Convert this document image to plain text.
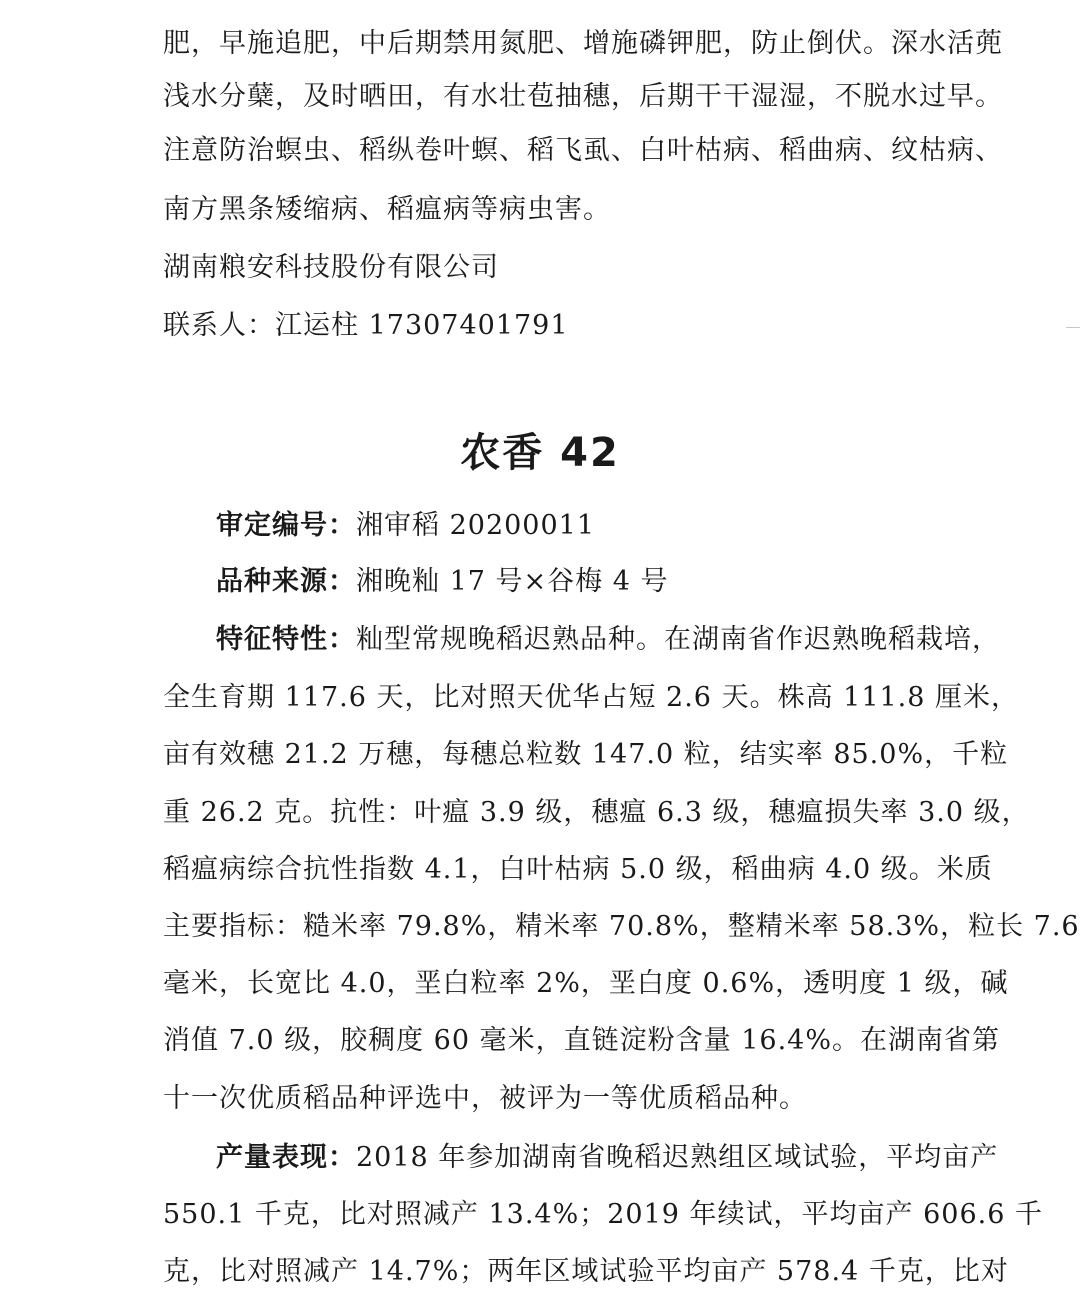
肥，早施追肥，中后期禁用氮肥、增施磷钾肥，防止倒伏。深水活蔸
浅水分蘖，及时晒田，有水壮苞抽穗，后期干干湿湿，不脱水过早。
注意防治螟虫、稻纵卷叶螟、稻飞虱、白叶枯病、稻曲病、纹枯病、
南方黑条矮缩病、稻瘟病等病虫害。
湖南粮安科技股份有限公司
联系人：江运柱 17307401791
农香 42
审定编号：湘审稻 20200011
品种来源：湘晚籼 17 号×谷梅 4 号
特征特性：籼型常规晚稻迟熟品种。在湖南省作迟熟晚稻栽培，
全生育期 117.6 天，比对照天优华占短 2.6 天。株高 111.8 厘米，
亩有效穗 21.2 万穗，每穗总粒数 147.0 粒，结实率 85.0%，千粒
重 26.2 克。抗性：叶瘟 3.9 级，穗瘟 6.3 级，穗瘟损失率 3.0 级，
稻瘟病综合抗性指数 4.1，白叶枯病 5.0 级，稻曲病 4.0 级。米质
主要指标：糙米率 79.8%，精米率 70.8%，整精米率 58.3%，粒长 7.6
毫米，长宽比 4.0，垩白粒率 2%，垩白度 0.6%，透明度 1 级，碱
消值 7.0 级，胶稠度 60 毫米，直链淀粉含量 16.4%。在湖南省第
十一次优质稻品种评选中，被评为一等优质稻品种。
产量表现：2018 年参加湖南省晚稻迟熟组区域试验，平均亩产
550.1 千克，比对照减产 13.4%；2019 年续试，平均亩产 606.6 千
克，比对照减产 14.7%；两年区域试验平均亩产 578.4 千克，比对
